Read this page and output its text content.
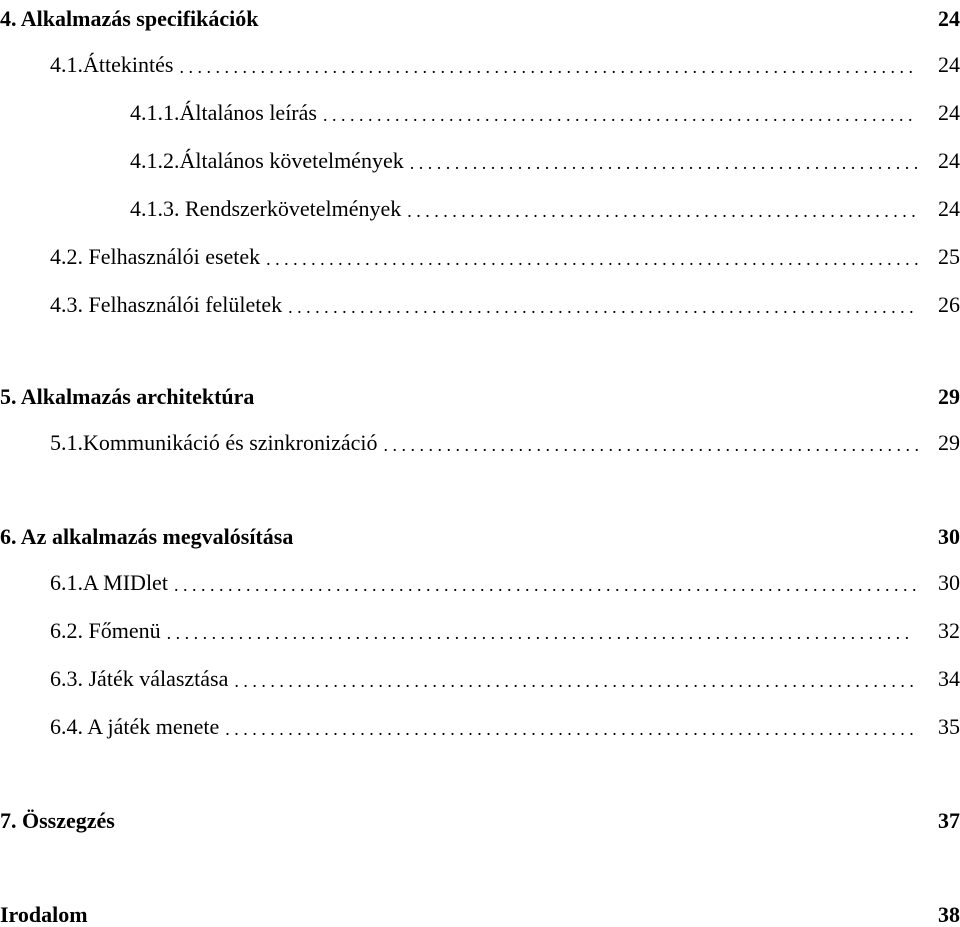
4. Alkalmazás specifikációk	24
4.1.Áttekintés . . .	24
4.1.1.Általános leírás . . .	24
4.1.2.Általános követelmények . . .	24
4.1.3. Rendszerkövetelmények . . .	24
4.2. Felhasználói esetek . . .	25
4.3. Felhasználói felületek . . .	26
5. Alkalmazás architektúra	29
5.1.Kommunikáció és szinkronizáció . . .	29
6. Az alkalmazás megvalósítása	30
6.1.A MIDlet . . .	30
6.2. Főmenü . . .	32
6.3. Játék választása . . .	34
6.4. A játék menete . . .	35
7. Összegzés	37
Irodalom	38
